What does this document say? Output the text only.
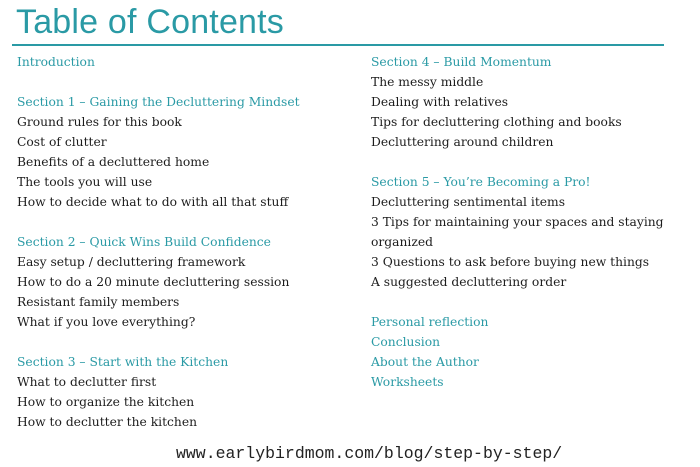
Table of Contents
Introduction
Section 1 – Gaining the Decluttering Mindset
Ground rules for this book
Cost of clutter
Benefits of a decluttered home
The tools you will use
How to decide what to do with all that stuff
Section 2 – Quick Wins Build Confidence
Easy setup / decluttering framework
How to do a 20 minute decluttering session
Resistant family members
What if you love everything?
Section 3 – Start with the Kitchen
What to declutter first
How to organize the kitchen
How to declutter the kitchen
Section 4 – Build Momentum
The messy middle
Dealing with relatives
Tips for decluttering clothing and books
Decluttering around children
Section 5 – You’re Becoming a Pro!
Decluttering sentimental items
3 Tips for maintaining your spaces and staying organized
3 Questions to ask before buying new things
A suggested decluttering order
Personal reflection
Conclusion
About the Author
Worksheets
www.earlybirdmom.com/blog/step-by-step/
